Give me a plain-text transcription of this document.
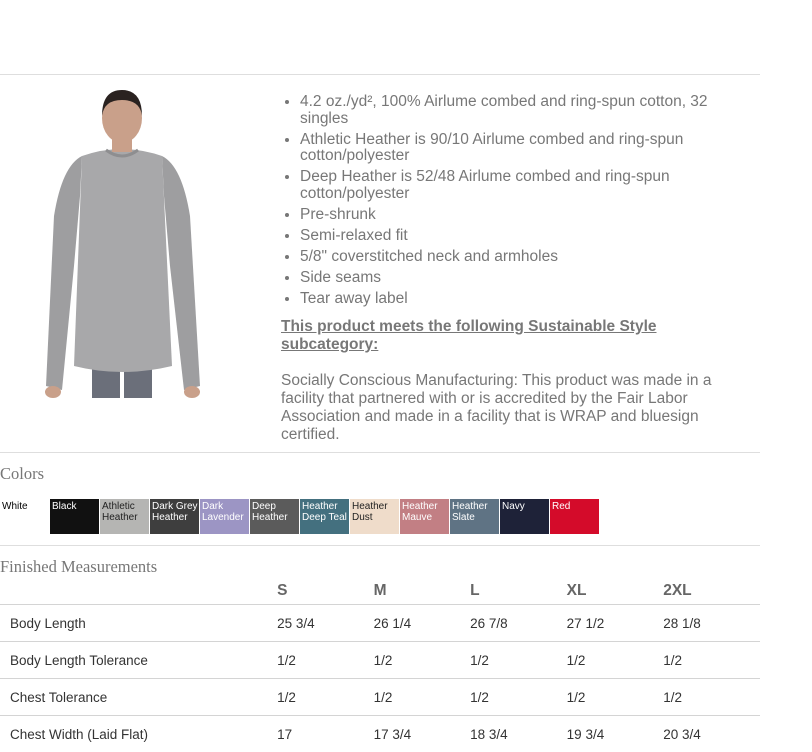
• 4.2 oz./yd², 100% Airlume combed and ring-spun cotton, 32 singles
• Athletic Heather is 90/10 Airlume combed and ring-spun cotton/polyester
• Deep Heather is 52/48 Airlume combed and ring-spun cotton/polyester
• Pre-shrunk
• Semi-relaxed fit
• 5/8" coverstitched neck and armholes
• Side seams
• Tear away label
This product meets the following Sustainable Style subcategory:
Socially Conscious Manufacturing: This product was made in a facility that partnered with or is accredited by the Fair Labor Association and made in a facility that is WRAP and bluesign certified.
Colors
White	Black	Athletic Heather
Dark Grey Heather
Dark Lavender
Deep Heather
Heather Deep Teal
Heather Dust
Heather Mauve
Heather Slate
Navy	Red
Finished Measurements
	S	M	L	XL	2XL
Body Length	25 3/4	26 1/4	26 7/8	27 1/2	28 1/8
Body Length Tolerance	1/2	1/2	1/2	1/2	1/2
Chest Tolerance	1/2	1/2	1/2	1/2	1/2
Chest Width (Laid Flat)	17	17 3/4	18 3/4	19 3/4	20 3/4
